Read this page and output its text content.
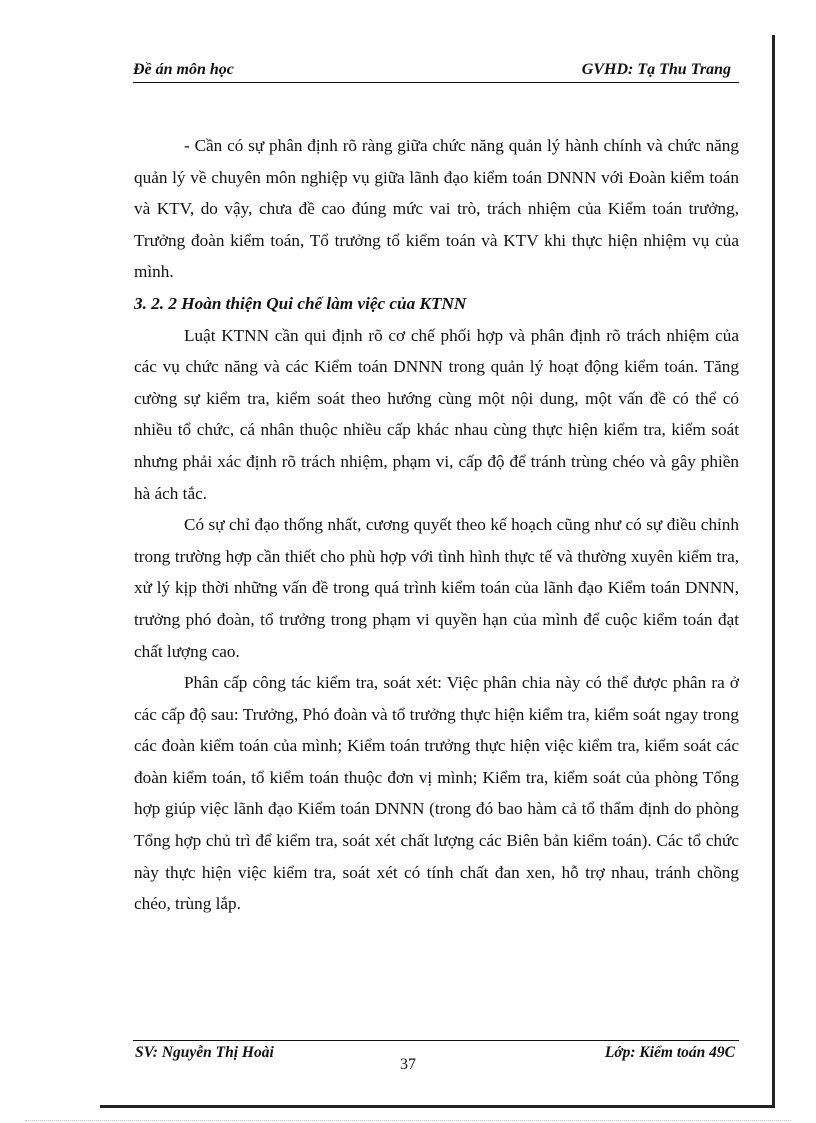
Đề án môn học	GVHD: Tạ Thu Trang

- Cần có sự phân định rõ ràng giữa chức năng quản lý hành chính và chức năng quản lý về chuyên môn nghiệp vụ giữa lãnh đạo kiểm toán DNNN với Đoàn kiểm toán và KTV, do vậy, chưa đề cao đúng mức vai trò, trách nhiệm của Kiểm toán trưởng, Trưởng đoàn kiểm toán, Tổ trưởng tổ kiểm toán và KTV khi thực hiện nhiệm vụ của mình.

3. 2. 2 Hoàn thiện Qui chế làm việc của KTNN

Luật KTNN cần qui định rõ cơ chế phối hợp và phân định rõ trách nhiệm của các vụ chức năng và các Kiểm toán DNNN trong quản lý hoạt động kiểm toán. Tăng cường sự kiểm tra, kiểm soát theo hướng cùng một nội dung, một vấn đề có thể có nhiều tổ chức, cá nhân thuộc nhiều cấp khác nhau cùng thực hiện kiểm tra, kiểm soát nhưng phải xác định rõ trách nhiệm, phạm vi, cấp độ để tránh trùng chéo và gây phiền hà ách tắc.

Có sự chỉ đạo thống nhất, cương quyết theo kế hoạch cũng như có sự điều chỉnh trong trường hợp cần thiết cho phù hợp với tình hình thực tế và thường xuyên kiểm tra, xử lý kịp thời những vấn đề trong quá trình kiểm toán của lãnh đạo Kiểm toán DNNN, trưởng phó đoàn, tổ trưởng trong phạm vi quyền hạn của mình để cuộc kiểm toán đạt chất lượng cao.

Phân cấp công tác kiểm tra, soát xét: Việc phân chia này có thể được phân ra ở các cấp độ sau: Trưởng, Phó đoàn và tổ trưởng thực hiện kiểm tra, kiểm soát ngay trong các đoàn kiểm toán của mình; Kiểm toán trưởng thực hiện việc kiểm tra, kiểm soát các đoàn kiểm toán, tổ kiểm toán thuộc đơn vị mình; Kiểm tra, kiểm soát của phòng Tổng hợp giúp việc lãnh đạo Kiểm toán DNNN (trong đó bao hàm cả tổ thẩm định do phòng Tổng hợp chủ trì để kiểm tra, soát xét chất lượng các Biên bản kiểm toán). Các tổ chức này thực hiện việc kiểm tra, soát xét có tính chất đan xen, hỗ trợ nhau, tránh chồng chéo, trùng lắp.

SV: Nguyễn Thị Hoài	Lớp: Kiểm toán 49C
37
